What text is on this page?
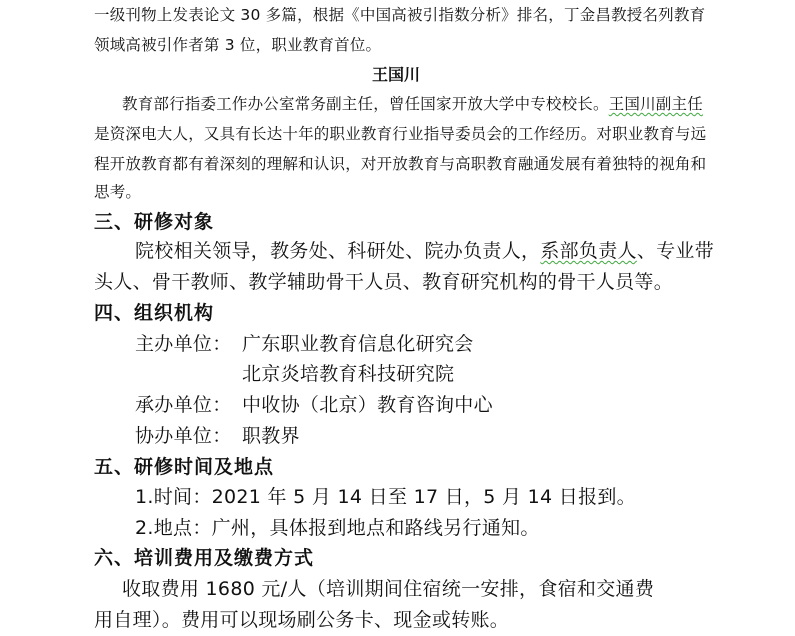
一级刊物上发表论文 30 多篇，根据《中国高被引指数分析》排名，丁金昌教授名列教育
领域高被引作者第 3 位，职业教育首位。
王国川
教育部行指委工作办公室常务副主任，曾任国家开放大学中专校校长。王国川副主任
是资深电大人，又具有长达十年的职业教育行业指导委员会的工作经历。对职业教育与远
程开放教育都有着深刻的理解和认识，对开放教育与高职教育融通发展有着独特的视角和
思考。
三、研修对象
院校相关领导，教务处、科研处、院办负责人，系部负责人、专业带
头人、骨干教师、教学辅助骨干人员、教育研究机构的骨干人员等。
四、组织机构
主办单位： 广东职业教育信息化研究会
北京炎培教育科技研究院
承办单位： 中收协（北京）教育咨询中心
协办单位： 职教界
五、研修时间及地点
1.时间：2021 年 5 月 14 日至 17 日，5 月 14 日报到。
2.地点：广州，具体报到地点和路线另行通知。
六、培训费用及缴费方式
收取费用 1680 元/人（培训期间住宿统一安排，食宿和交通费
用自理）。费用可以现场刷公务卡、现金或转账。
